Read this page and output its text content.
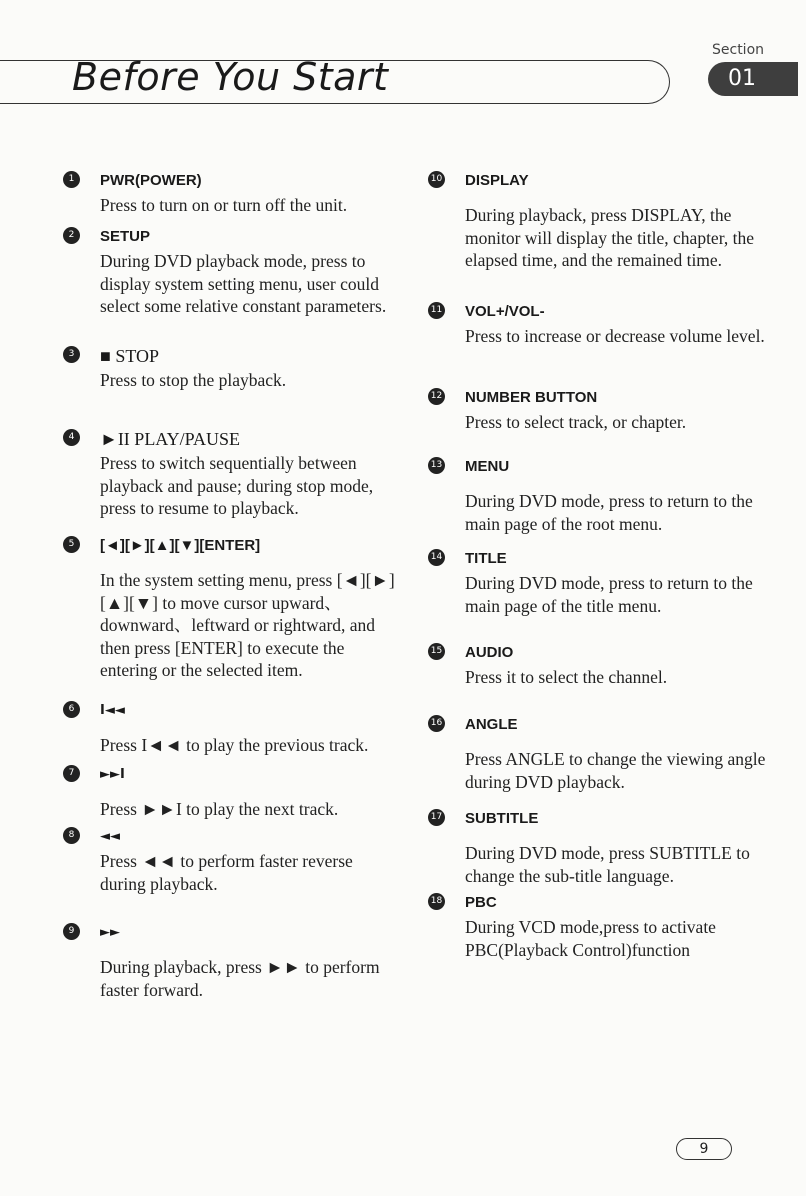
Before You Start
Section
01
1	PWR(POWER)
Press to turn on or turn off the unit.
2	SETUP
During DVD playback mode, press to display system setting menu, user could select some relative constant parameters.
3	■ STOP
Press to stop the playback.
4	►II PLAY/PAUSE
Press to switch sequentially between playback and pause; during stop mode, press to resume to playback.
5	[◄][►][▲][▼][ENTER]
In the system setting menu, press [◄][►][▲][▼] to move cursor upward、downward、leftward or rightward, and then press [ENTER] to execute the entering or the selected item.
6	I◄◄
Press I◄◄ to play the previous track.
7	►►I
Press ►►I to play the next track.
8	◄◄
Press ◄◄ to perform faster reverse during playback.
9	►►
During playback, press ►► to perform faster forward.
10 DISPLAY
During playback, press DISPLAY, the monitor will display the title, chapter, the elapsed time, and the remained time.
11 VOL+/VOL-
Press to increase or decrease volume level.
12 NUMBER BUTTON
Press to select track, or chapter.
13 MENU
During DVD mode, press to return to the main page of the root menu.
14 TITLE
During DVD mode, press to return to the main page of the title menu.
15 AUDIO
Press it to select the channel.
16 ANGLE
Press ANGLE to change the viewing angle during DVD playback.
17 SUBTITLE
During DVD mode, press SUBTITLE to change the sub-title language.
18 PBC
During VCD mode,press to activate PBC(Playback Control)function
9
